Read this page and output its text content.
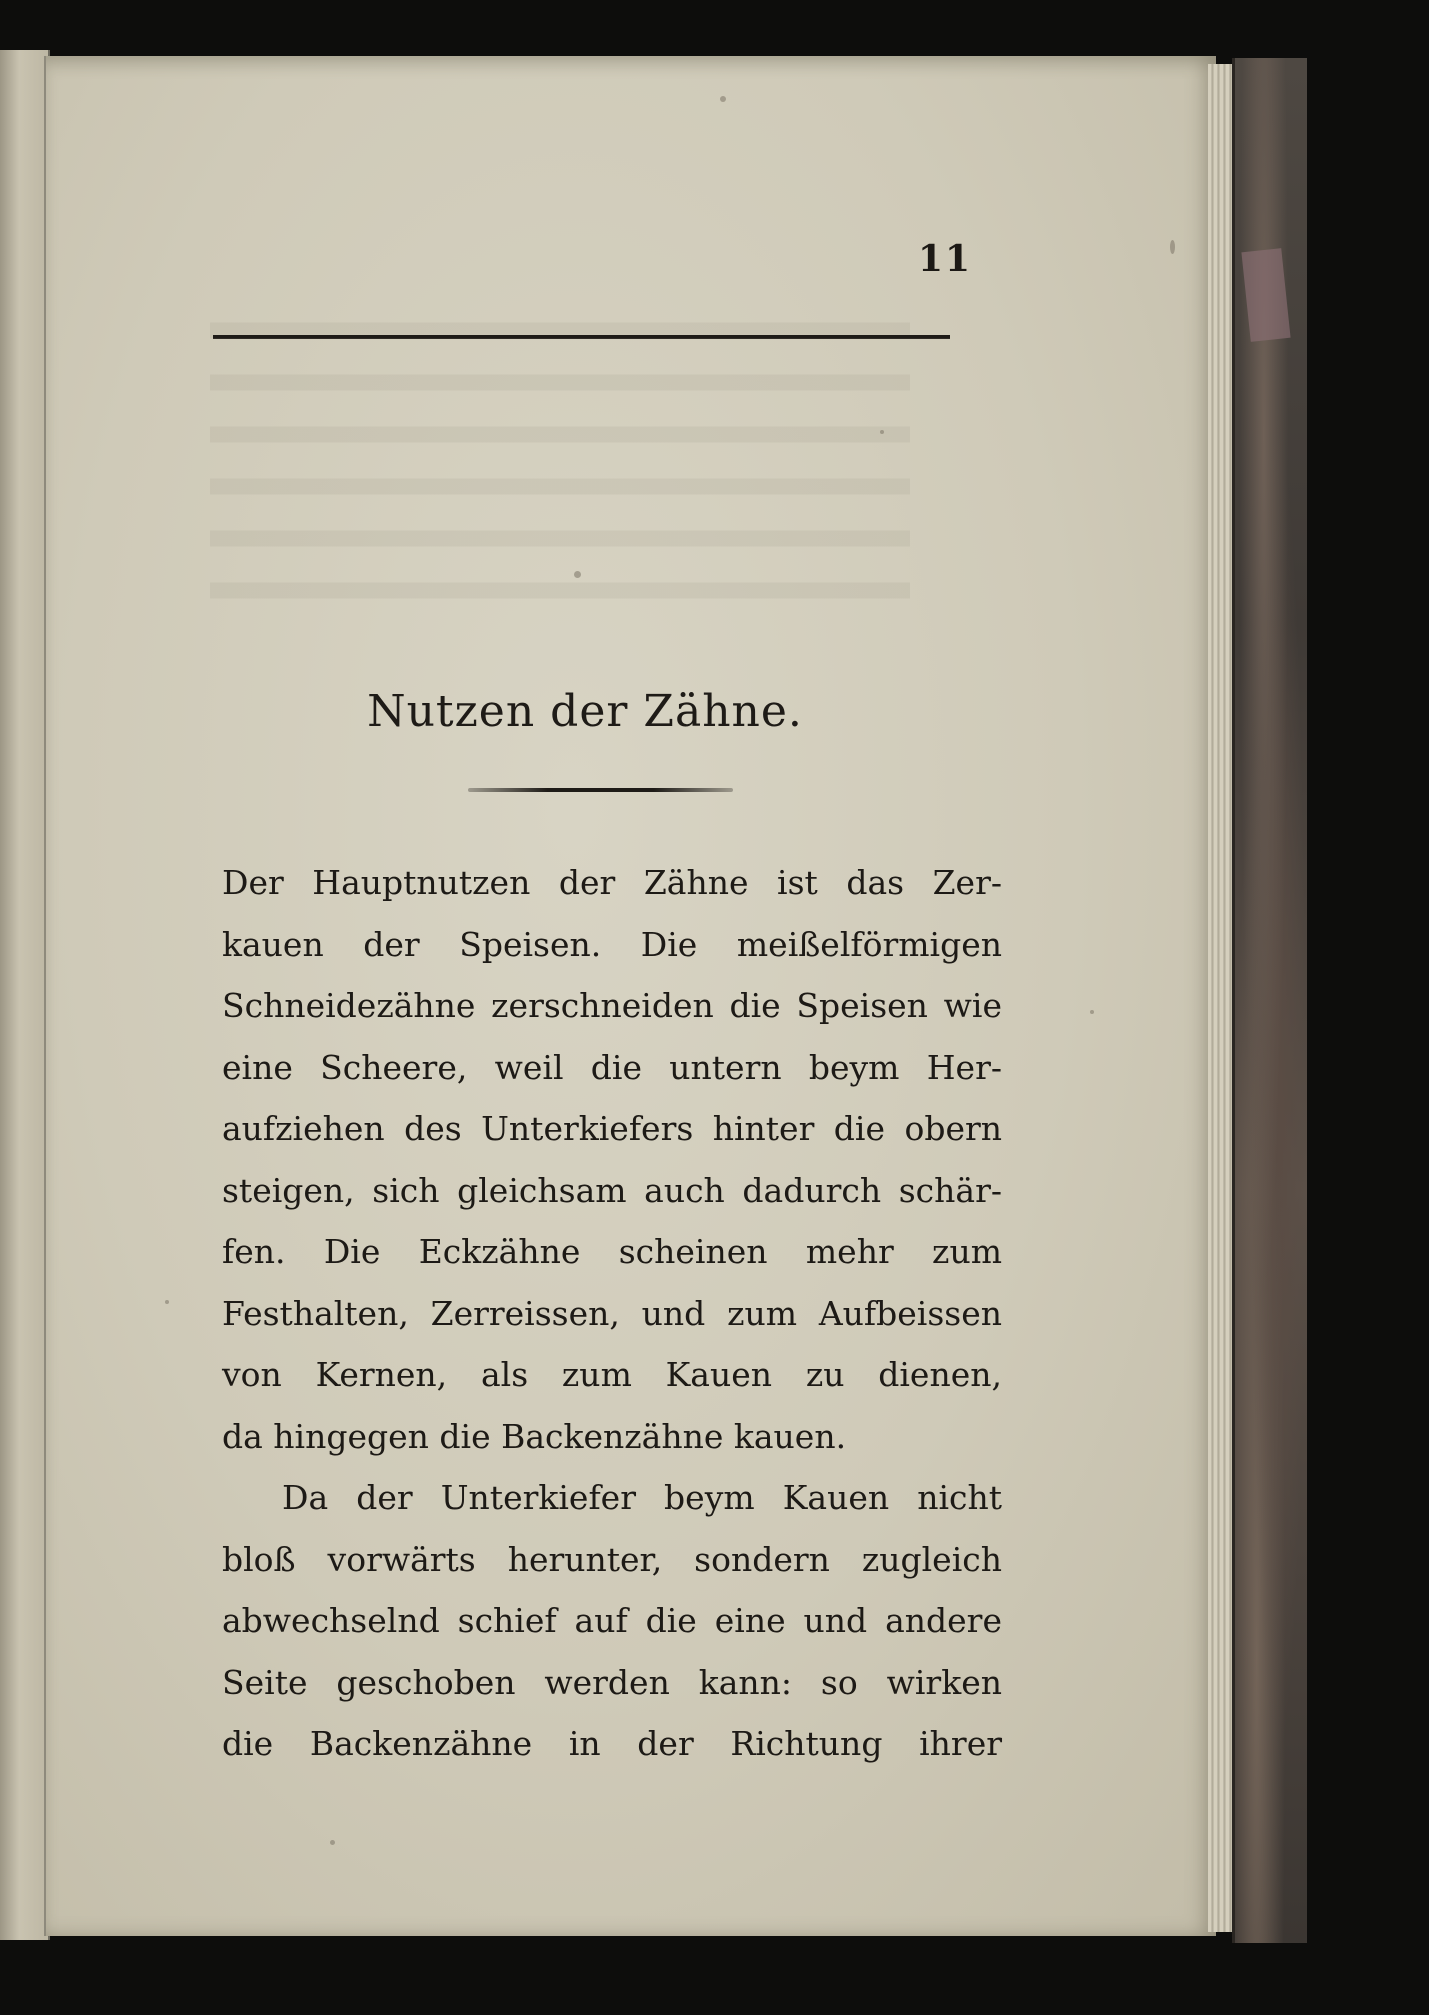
11
Nutzen der Zähne.
Der Hauptnutzen der Zähne ist das Zer-
kauen der Speisen. Die meißelförmigen
Schneidezähne zerschneiden die Speisen wie
eine Scheere, weil die untern beym Her-
aufziehen des Unterkiefers hinter die obern
steigen, sich gleichsam auch dadurch schär-
fen. Die Eckzähne scheinen mehr zum
Festhalten, Zerreissen, und zum Aufbeissen
von Kernen, als zum Kauen zu dienen,
da hingegen die Backenzähne kauen.
Da der Unterkiefer beym Kauen nicht
bloß vorwärts herunter, sondern zugleich
abwechselnd schief auf die eine und andere
Seite geschoben werden kann: so wirken
die Backenzähne in der Richtung ihrer
